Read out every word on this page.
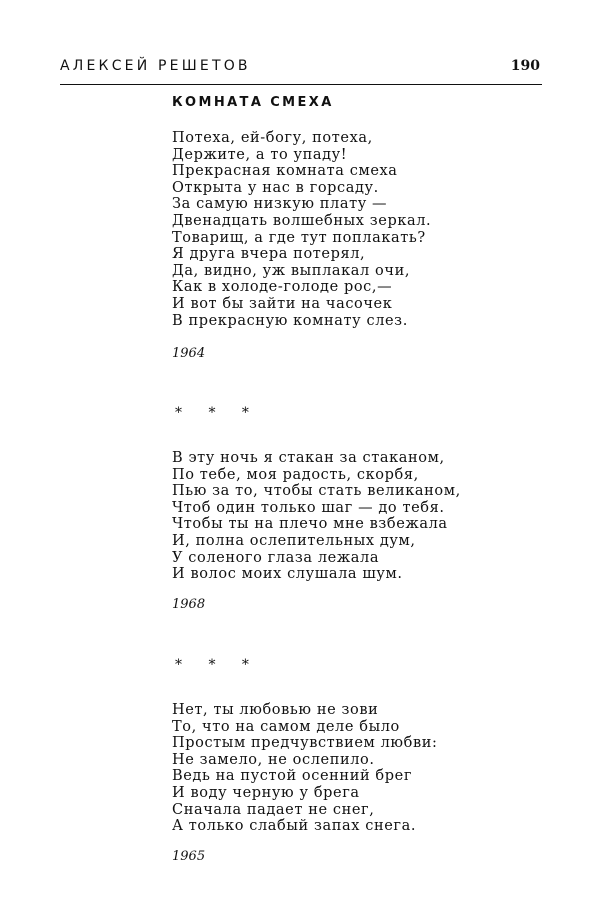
АЛЕКСЕЙ РЕШЕТОВ	190
КОМНАТА СМЕХА
Потеха, ей-богу, потеха,
Держите, а то упаду!
Прекрасная комната смеха
Открыта у нас в горсаду.
За самую низкую плату —
Двенадцать волшебных зеркал.
Товарищ, а где тут поплакать?
Я друга вчера потерял,
Да, видно, уж выплакал очи,
Как в холоде-голоде рос,—
И вот бы зайти на часочек
В прекрасную комнату слез.
1964
* * *
В эту ночь я стакан за стаканом,
По тебе, моя радость, скорбя,
Пью за то, чтобы стать великаном,
Чтоб один только шаг — до тебя.
Чтобы ты на плечо мне взбежала
И, полна ослепительных дум,
У соленого глаза лежала
И волос моих слушала шум.
1968
* * *
Нет, ты любовью не зови
То, что на самом деле было
Простым предчувствием любви:
Не замело, не ослепило.
Ведь на пустой осенний брег
И воду черную у брега
Сначала падает не снег,
А только слабый запах снега.
1965
